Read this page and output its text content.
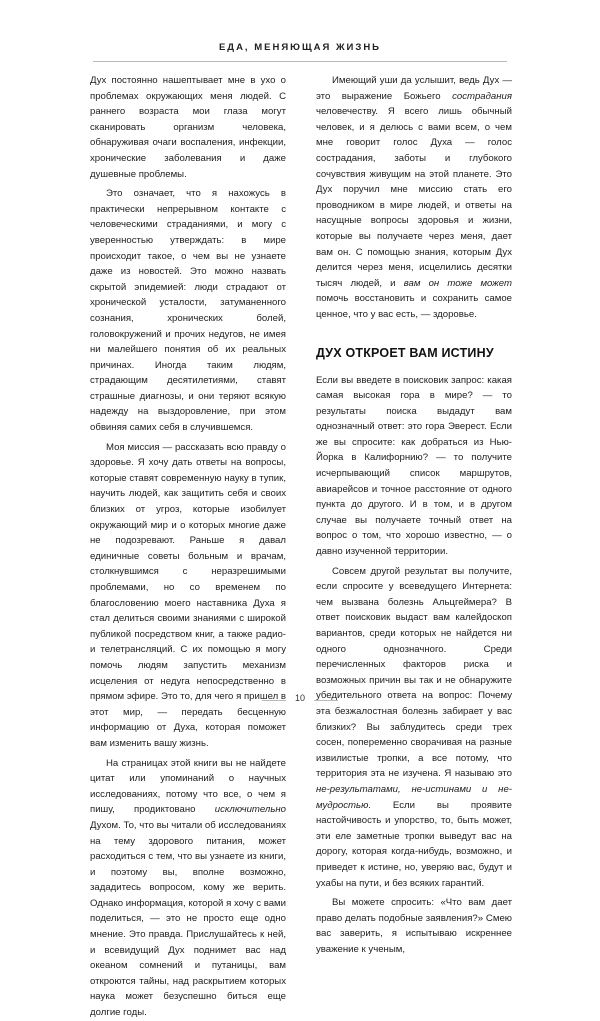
ЕДА, МЕНЯЮЩАЯ ЖИЗНЬ

Дух постоянно нашептывает мне в ухо о проблемах окружающих меня людей. С раннего возраста мои глаза могут сканировать организм человека, обнаруживая очаги воспаления, инфекции, хронические заболевания и даже душевные проблемы.

Это означает, что я нахожусь в практически непрерывном контакте с человеческими страданиями, и могу с уверенностью утверждать: в мире происходит такое, о чем вы не узнаете даже из новостей. Это можно назвать скрытой эпидемией: люди страдают от хронической усталости, затуманенного сознания, хронических болей, головокружений и прочих недугов, не имея ни малейшего понятия об их реальных причинах. Иногда таким людям, страдающим десятилетиями, ставят страшные диагнозы, и они теряют всякую надежду на выздоровление, при этом обвиняя самих себя в случившемся.

Моя миссия — рассказать всю правду о здоровье. Я хочу дать ответы на вопросы, которые ставят современную науку в тупик, научить людей, как защитить себя и своих близких от угроз, которые изобилует окружающий мир и о которых многие даже не подозревают. Раньше я давал единичные советы больным и врачам, столкнувшимся с неразрешимыми проблемами, но со временем по благословению моего наставника Духа я стал делиться своими знаниями с широкой публикой посредством книг, а также радио- и телетрансляций. С их помощью я могу помочь людям запустить механизм исцеления от недуга непосредственно в прямом эфире. Это то, для чего я пришел в этот мир, — передать бесценную информацию от Духа, которая поможет вам изменить вашу жизнь.

На страницах этой книги вы не найдете цитат или упоминаний о научных исследованиях, потому что все, о чем я пишу, продиктовано исключительно Духом. То, что вы читали об исследованиях на тему здорового питания, может расходиться с тем, что вы узнаете из книги, и поэтому вы, вполне возможно, зададитесь вопросом, кому же верить. Однако информация, которой я хочу с вами поделиться, — это не просто еще одно мнение. Это правда. Прислушайтесь к ней, и всевидущий Дух поднимет вас над океаном сомнений и путаницы, вам откроются тайны, над раскрытием которых наука может безуспешно биться еще долгие годы.

Имеющий уши да услышит, ведь Дух — это выражение Божьего сострадания человечеству. Я всего лишь обычный человек, и я делюсь с вами всем, о чем мне говорит голос Духа — голос сострадания, заботы и глубокого сочувствия живущим на этой планете. Это Дух поручил мне миссию стать его проводником в мире людей, и ответы на насущные вопросы здоровья и жизни, которые вы получаете через меня, дает вам он. С помощью знания, которым Дух делится через меня, исцелились десятки тысяч людей, и вам он тоже может помочь восстановить и сохранить самое ценное, что у вас есть, — здоровье.

ДУХ ОТКРОЕТ ВАМ ИСТИНУ

Если вы введете в поисковик запрос: какая самая высокая гора в мире? — то результаты поиска выдадут вам однозначный ответ: это гора Эверест. Если же вы спросите: как добраться из Нью-Йорка в Калифорнию? — то получите исчерпывающий список маршрутов, авиарейсов и точное расстояние от одного пункта до другого. И в том, и в другом случае вы получаете точный ответ на вопрос о том, что хорошо известно, — о давно изученной территории.

Совсем другой результат вы получите, если спросите у всеведущего Интернета: чем вызвана болезнь Альцгеймера? В ответ поисковик выдаст вам калейдоскоп вариантов, среди которых не найдется ни одного однозначного. Среди перечисленных факторов риска и возможных причин вы так и не обнаружите убедительного ответа на вопрос: Почему эта безжалостная болезнь забирает у вас близких? Вы заблудитесь среди трех сосен, попеременно сворачивая на разные извилистые тропки, а все потому, что территория эта не изучена. Я называю это не-результатами, не-истинами и не-мудростью. Если вы проявите настойчивость и упорство, то, быть может, эти еле заметные тропки выведут вас на дорогу, которая когда-нибудь, возможно, и приведет к истине, но, уверяю вас, будут и ухабы на пути, и без всяких гарантий.

Вы можете спросить: «Что вам дает право делать подобные заявления?» Смею вас заверить, я испытываю искреннее уважение к ученым,

10
